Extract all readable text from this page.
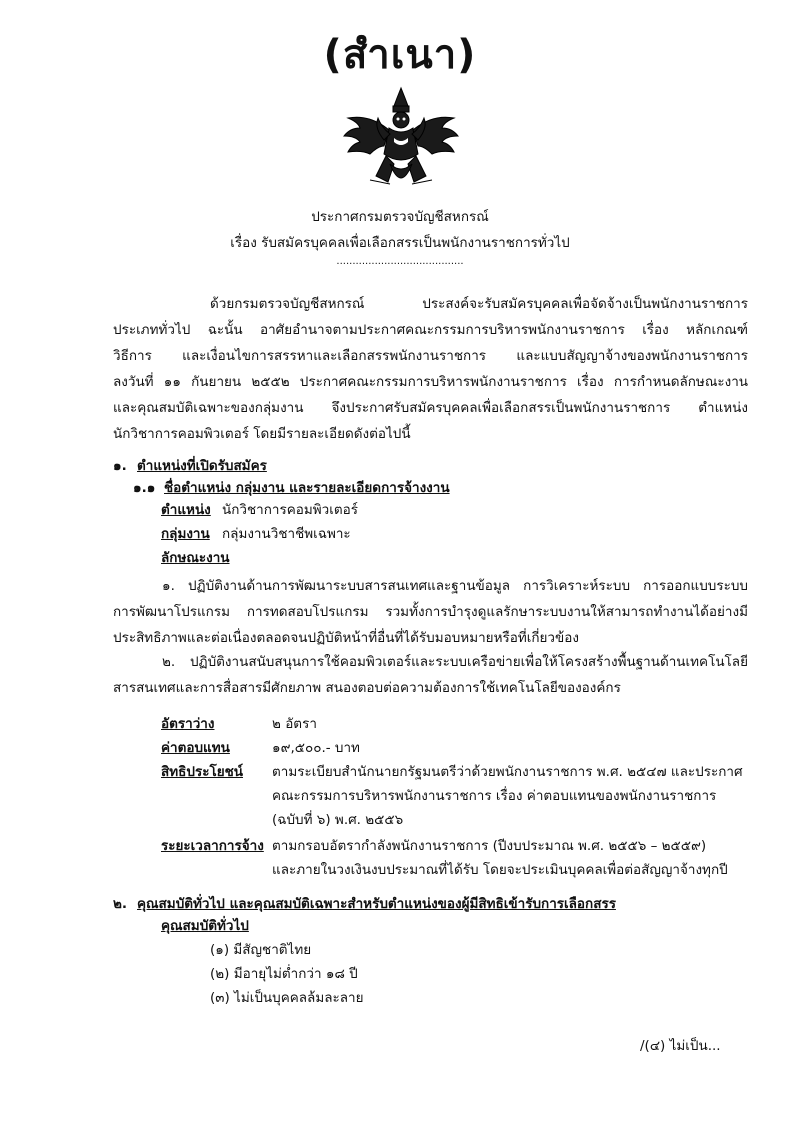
(สำเนา)
ประกาศกรมตรวจบัญชีสหกรณ์
เรื่อง รับสมัครบุคคลเพื่อเลือกสรรเป็นพนักงานราชการทั่วไป
........................................
ด้วยกรมตรวจบัญชีสหกรณ์ ประสงค์จะรับสมัครบุคคลเพื่อจัดจ้างเป็นพนักงานราชการ
ประเภททั่วไป ฉะนั้น อาศัยอำนาจตามประกาศคณะกรรมการบริหารพนักงานราชการ เรื่อง หลักเกณฑ์
วิธีการ และเงื่อนไขการสรรหาและเลือกสรรพนักงานราชการ และแบบสัญญาจ้างของพนักงานราชการ
ลงวันที่ ๑๑ กันยายน ๒๕๕๒ ประกาศคณะกรรมการบริหารพนักงานราชการ เรื่อง การกำหนดลักษณะงาน
และคุณสมบัติเฉพาะของกลุ่มงาน จึงประกาศรับสมัครบุคคลเพื่อเลือกสรรเป็นพนักงานราชการ ตำแหน่ง
นักวิชาการคอมพิวเตอร์ โดยมีรายละเอียดดังต่อไปนี้
๑. ตำแหน่งที่เปิดรับสมัคร
๑.๑ ชื่อตำแหน่ง กลุ่มงาน และรายละเอียดการจ้างงาน
ตำแหน่ง นักวิชาการคอมพิวเตอร์
กลุ่มงาน กลุ่มงานวิชาชีพเฉพาะ
ลักษณะงาน
๑. ปฏิบัติงานด้านการพัฒนาระบบสารสนเทศและฐานข้อมูล การวิเคราะห์ระบบ การออกแบบระบบ
การพัฒนาโปรแกรม การทดสอบโปรแกรม รวมทั้งการบำรุงดูแลรักษาระบบงานให้สามารถทำงานได้อย่างมี
ประสิทธิภาพและต่อเนื่องตลอดจนปฏิบัติหน้าที่อื่นที่ได้รับมอบหมายหรือที่เกี่ยวข้อง
๒. ปฏิบัติงานสนับสนุนการใช้คอมพิวเตอร์และระบบเครือข่ายเพื่อให้โครงสร้างพื้นฐานด้านเทคโนโลยี
สารสนเทศและการสื่อสารมีศักยภาพ สนองตอบต่อความต้องการใช้เทคโนโลยีขององค์กร
อัตราว่าง	๒ อัตรา
ค่าตอบแทน	๑๙,๕๐๐.- บาท
สิทธิประโยชน์ ตามระเบียบสำนักนายกรัฐมนตรีว่าด้วยพนักงานราชการ พ.ศ. ๒๕๔๗ และประกาศ
คณะกรรมการบริหารพนักงานราชการ เรื่อง ค่าตอบแทนของพนักงานราชการ
(ฉบับที่ ๖) พ.ศ. ๒๕๕๖
ระยะเวลาการจ้าง ตามกรอบอัตรากำลังพนักงานราชการ (ปีงบประมาณ พ.ศ. ๒๕๕๖ – ๒๕๕๙)
และภายในวงเงินงบประมาณที่ได้รับ โดยจะประเมินบุคคลเพื่อต่อสัญญาจ้างทุกปี
๒. คุณสมบัติทั่วไป และคุณสมบัติเฉพาะสำหรับตำแหน่งของผู้มีสิทธิเข้ารับการเลือกสรร
คุณสมบัติทั่วไป
(๑) มีสัญชาติไทย
(๒) มีอายุไม่ต่ำกว่า ๑๘ ปี
(๓) ไม่เป็นบุคคลล้มละลาย
/(๔) ไม่เป็น...
